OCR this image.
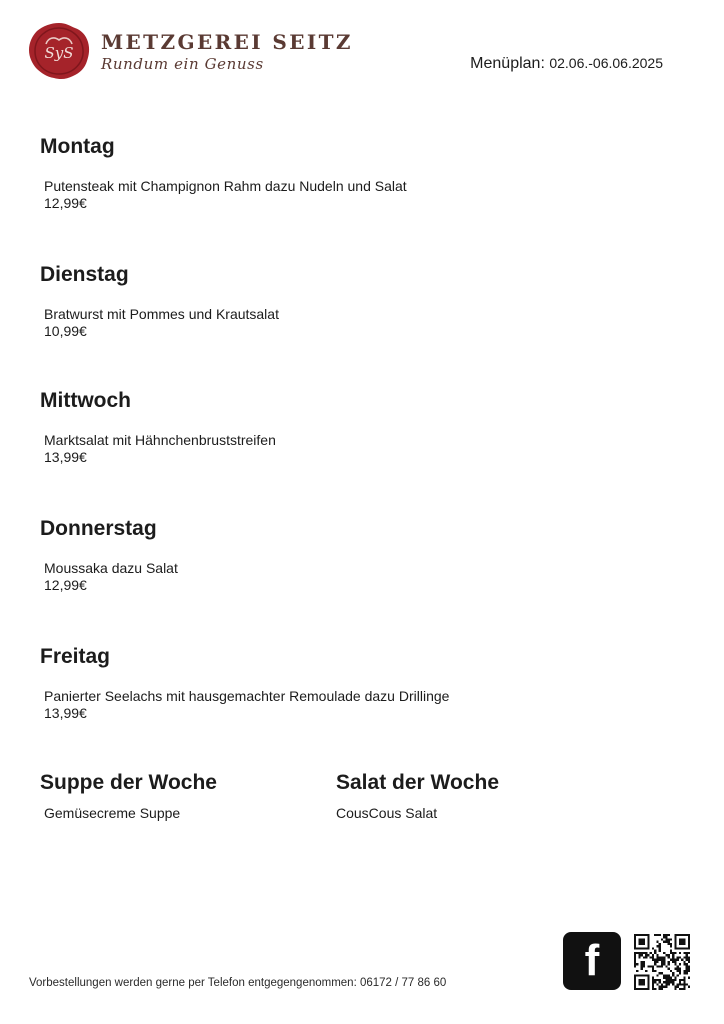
SyS METZGEREI SEITZ
Rundum ein Genuss	Menüplan: 02.06.-06.06.2025
Montag
Putensteak mit Champignon Rahm dazu Nudeln und Salat
12,99€
Dienstag
Bratwurst mit Pommes und Krautsalat
10,99€
Mittwoch
Marktsalat mit Hähnchenbruststreifen
13,99€
Donnerstag
Moussaka dazu Salat
12,99€
Freitag
Panierter Seelachs mit hausgemachter Remoulade dazu Drillinge
13,99€
Suppe der Woche
Gemüsecreme Suppe
Salat der Woche
CousCous Salat
Vorbestellungen werden gerne per Telefon entgegengenommen: 06172 / 77 86 60	f
